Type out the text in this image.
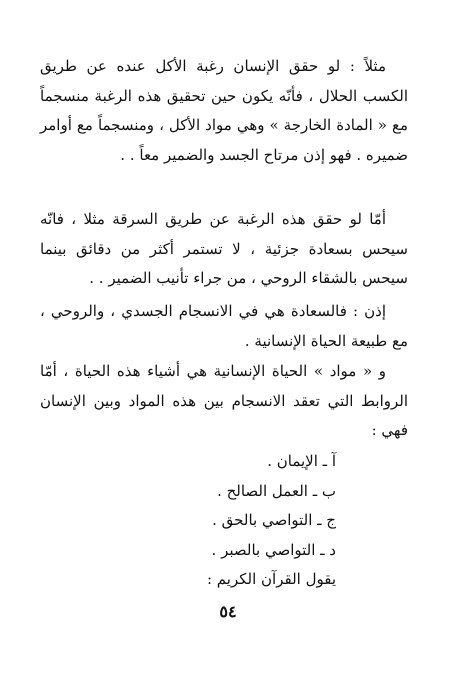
مثلاً : لو حقق الإنسان رغبة الأكل عنده عن طريق الكسب الحلال ، فأنّه يكون حين تحقيق هذه الرغبة منسجماً مع « المادة الخارجة » وهي مواد الأكل ، ومنسجماً مع أوامر ضميره . فهو إذن مرتاح الجسد والضمير معاً . .

أمّا لو حقق هذه الرغبة عن طريق السرقة مثلا ، فانّه سيحس بسعادة جزئية ، لا تستمر أكثر من دقائق بينما سيحس بالشقاء الروحي ، من جراء تأنيب الضمير . .

إذن : فالسعادة هي في الانسجام الجسدي ، والروحي ، مع طبيعة الحياة الإنسانية .

و « مواد » الحياة الإنسانية هي أشياء هذه الحياة ، أمّا الروابط التي تعقد الانسجام بين هذه المواد وبين الإنسان فهي :

آ ـ الإيمان .
ب ـ العمل الصالح .
ج ـ التواصي بالحق .
د ـ التواصي بالصبر .
يقول القرآن الكريم :
٥٤
